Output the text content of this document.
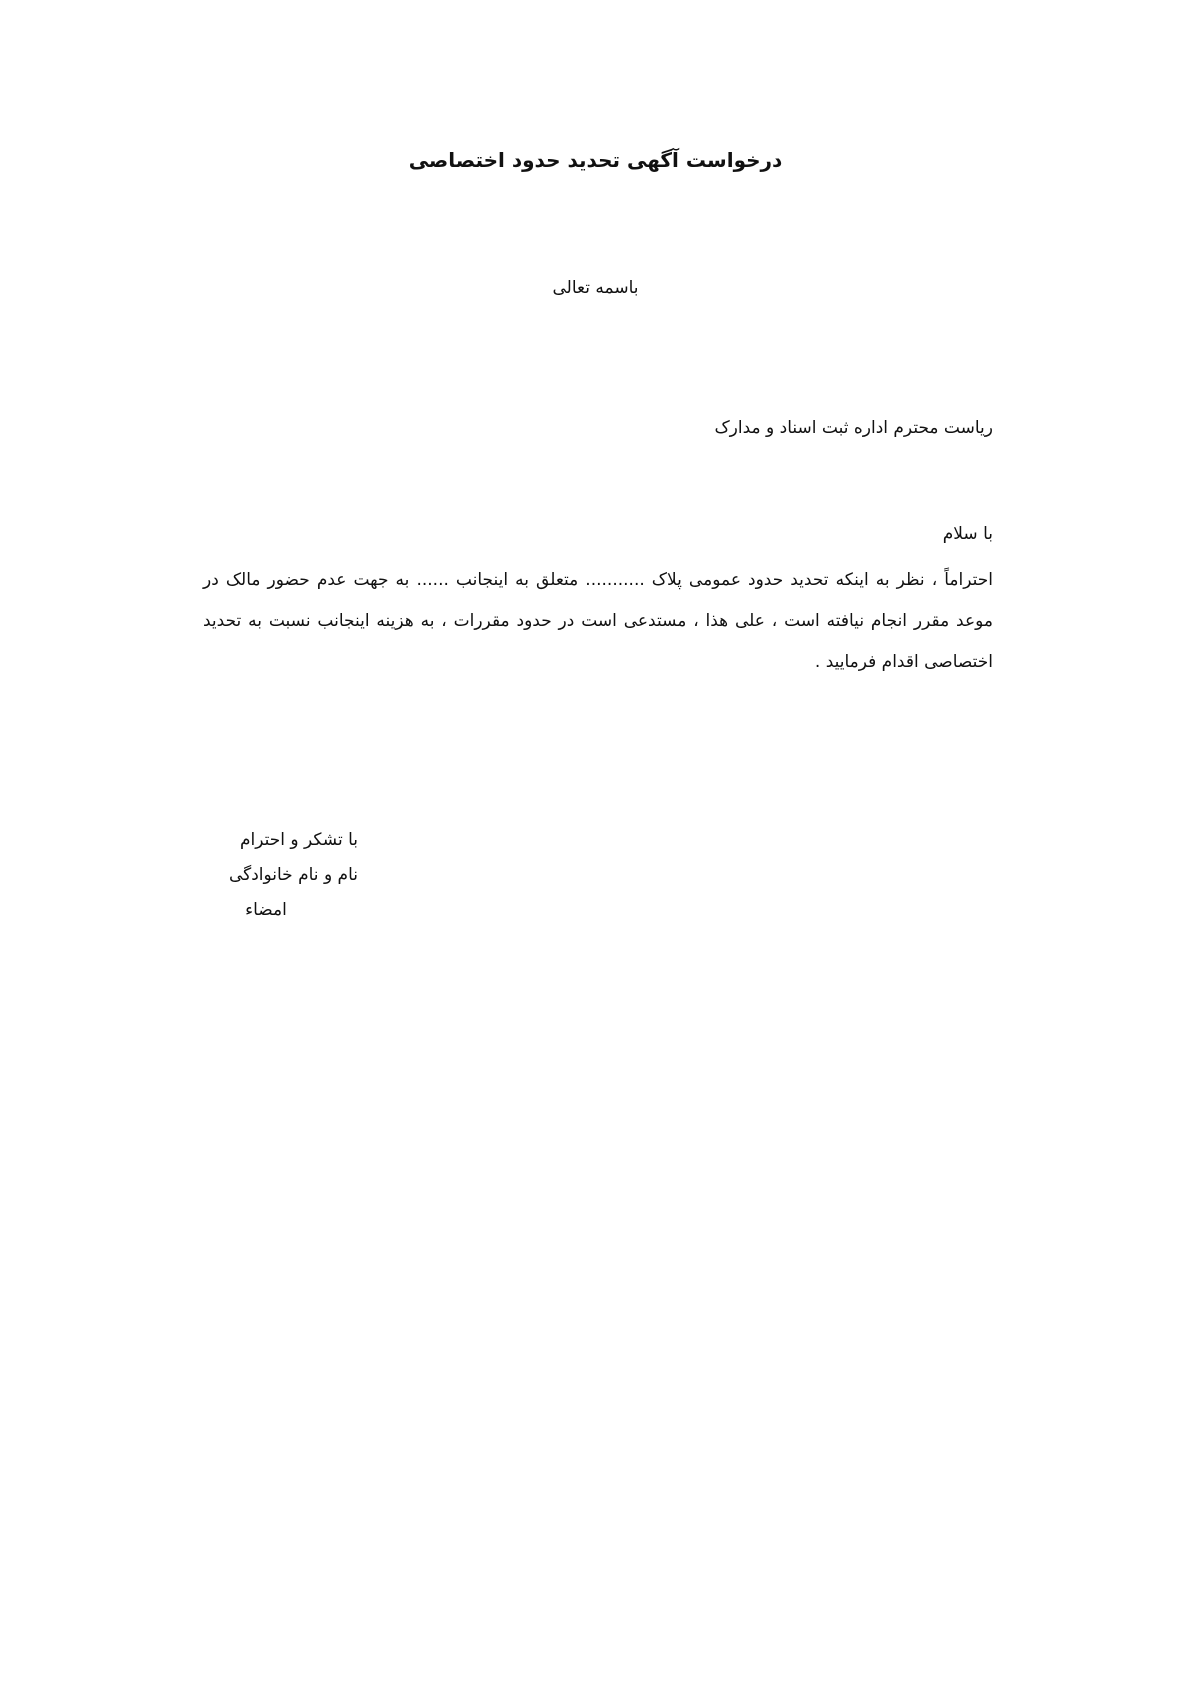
درخواست آگهی تحدید حدود اختصاصی
باسمه تعالی
ریاست محترم اداره ثبت اسناد و مدارک
با سلام
احتراماً ، نظر به اینکه تحدید حدود عمومی پلاک ........... متعلق به اینجانب ...... به جهت عدم حضور مالک در موعد مقرر انجام نیافته است ، علی هذا ، مستدعی است در حدود مقررات ، به هزینه اینجانب نسبت به تحدید اختصاصی اقدام فرمایید .
با تشکر و احترام
نام و نام خانوادگی
امضاء
